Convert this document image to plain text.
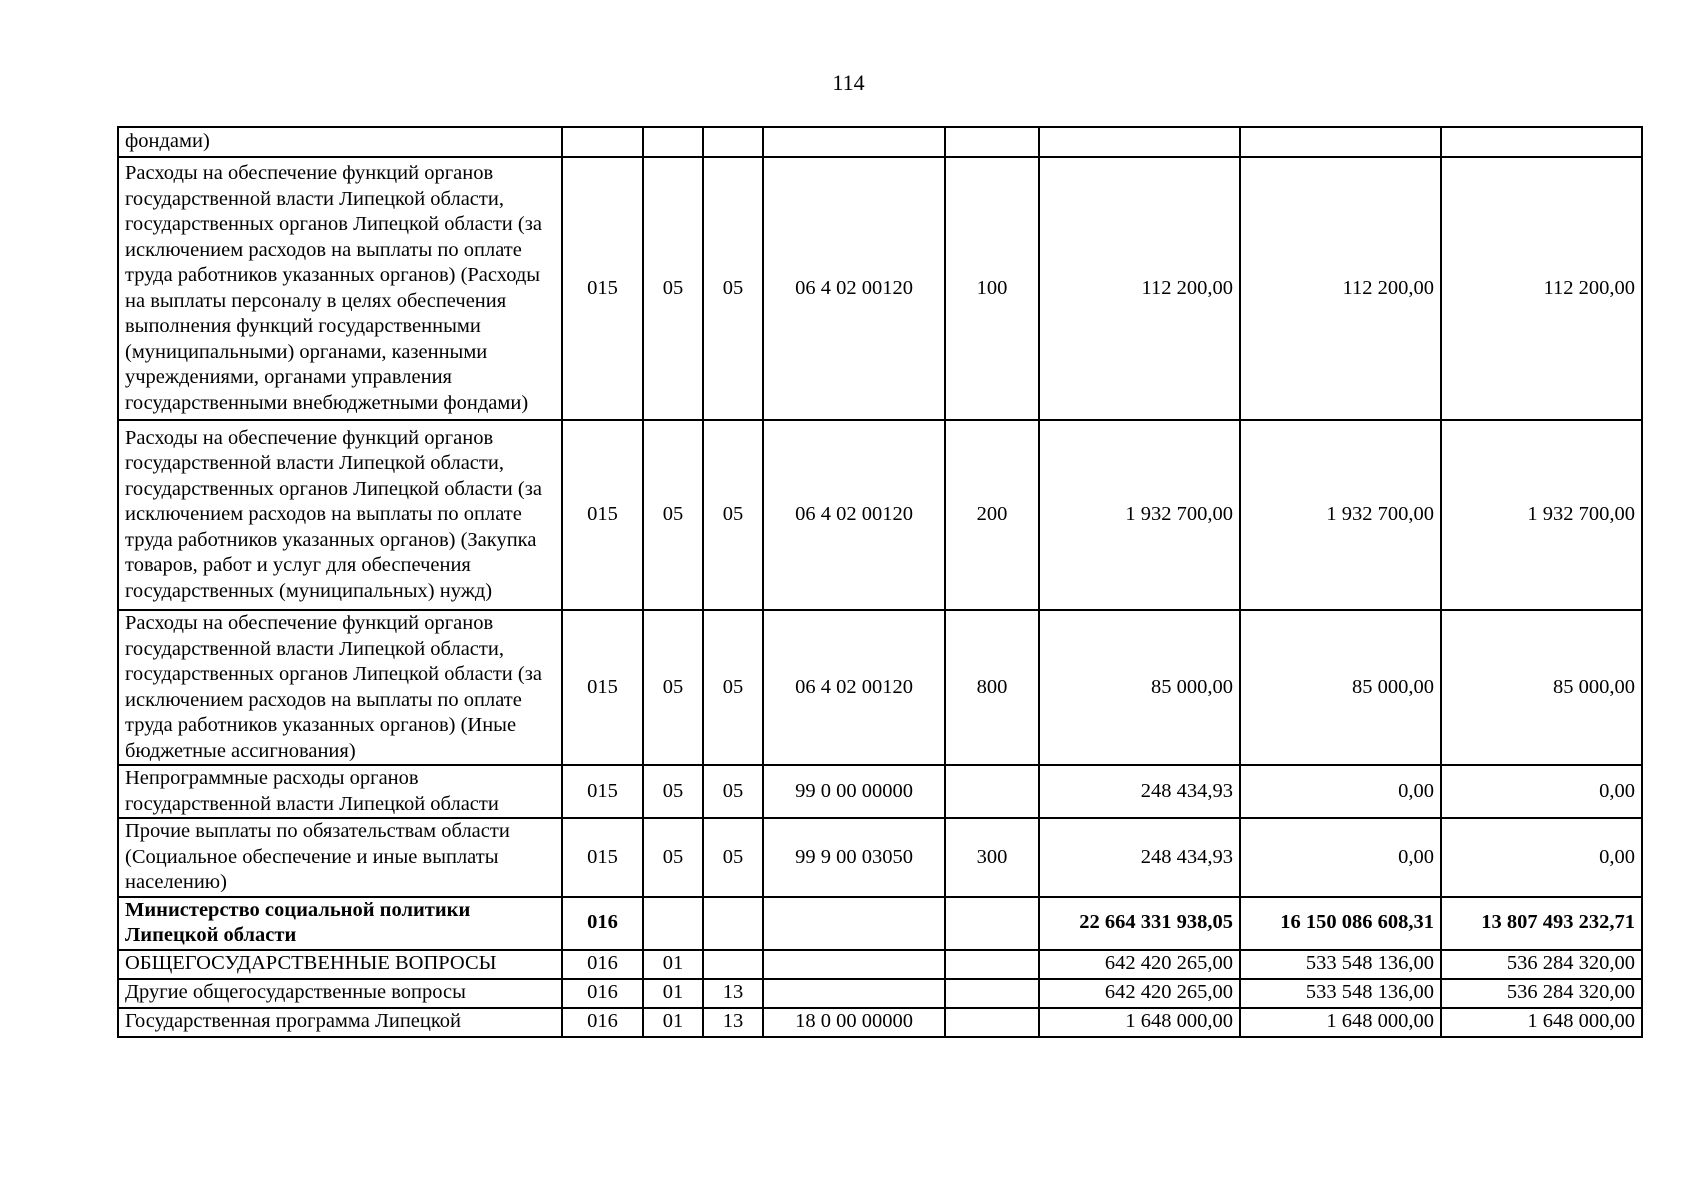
114
фондами)								
Расходы на обеспечение функций органов государственной власти Липецкой области, государственных органов Липецкой области (за исключением расходов на выплаты по оплате труда работников указанных органов) (Расходы на выплаты персоналу в целях обеспечения выполнения функций государственными (муниципальными) органами, казенными учреждениями, органами управления государственными внебюджетными фондами)	015	05	05	06 4 02 00120	100	112 200,00	112 200,00	112 200,00
Расходы на обеспечение функций органов государственной власти Липецкой области, государственных органов Липецкой области (за исключением расходов на выплаты по оплате труда работников указанных органов) (Закупка товаров, работ и услуг для обеспечения государственных (муниципальных) нужд)	015	05	05	06 4 02 00120	200	1 932 700,00	1 932 700,00	1 932 700,00
Расходы на обеспечение функций органов государственной власти Липецкой области, государственных органов Липецкой области (за исключением расходов на выплаты по оплате труда работников указанных органов) (Иные бюджетные ассигнования)	015	05	05	06 4 02 00120	800	85 000,00	85 000,00	85 000,00
Непрограммные расходы органов государственной власти Липецкой области	015	05	05	99 0 00 00000		248 434,93	0,00	0,00
Прочие выплаты по обязательствам области (Социальное обеспечение и иные выплаты населению)	015	05	05	99 9 00 03050	300	248 434,93	0,00	0,00
Министерство социальной политики Липецкой области	016					22 664 331 938,05	16 150 086 608,31	13 807 493 232,71
ОБЩЕГОСУДАРСТВЕННЫЕ ВОПРОСЫ	016	01				642 420 265,00	533 548 136,00	536 284 320,00
Другие общегосударственные вопросы	016	01	13			642 420 265,00	533 548 136,00	536 284 320,00
Государственная программа Липецкой	016	01	13	18 0 00 00000		1 648 000,00	1 648 000,00	1 648 000,00
